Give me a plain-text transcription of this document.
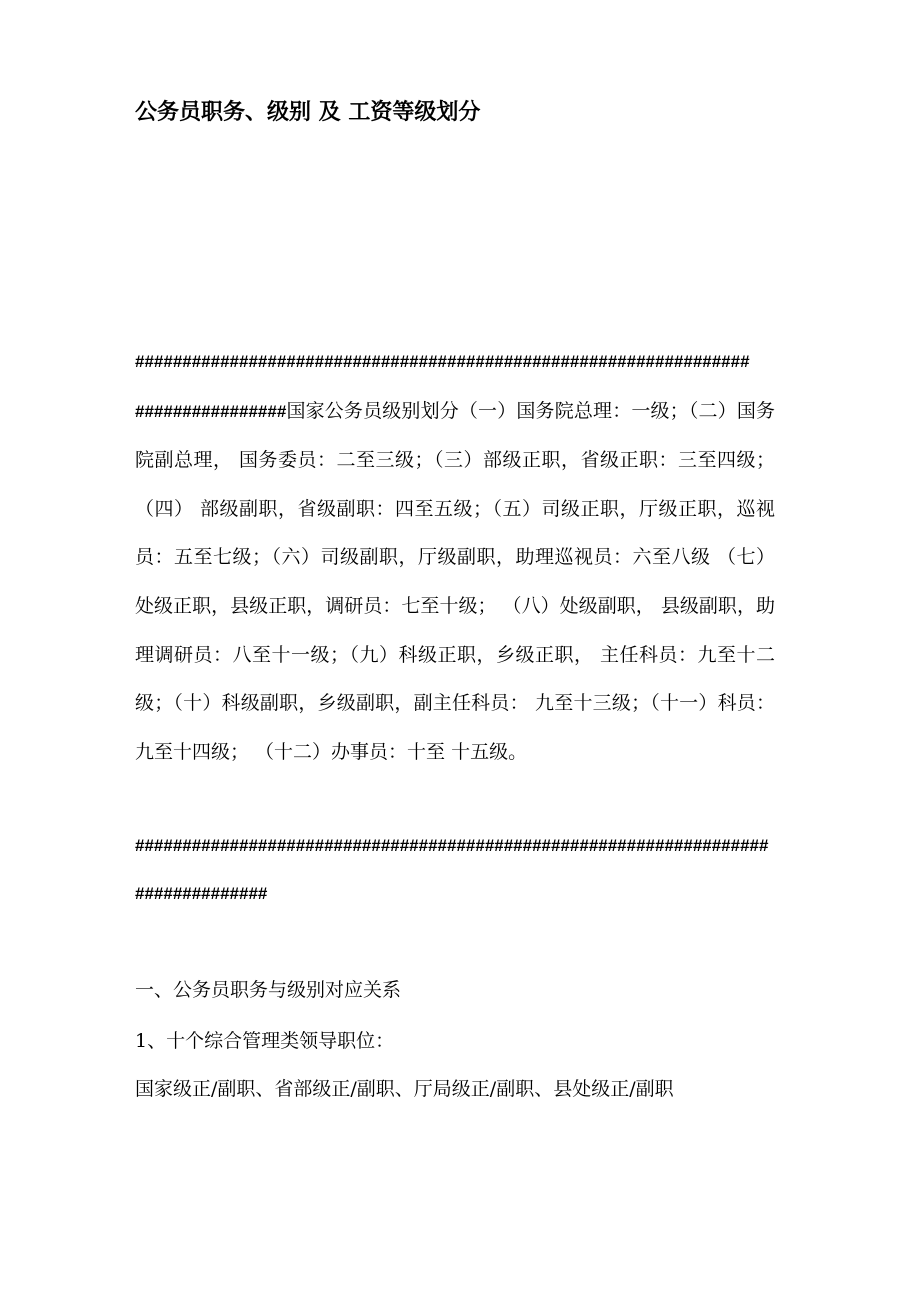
公务员职务、级别 及 工资等级划分
#################################################################
################国家公务员级别划分（一）国务院总理：一级；（二）国务院副总理， 国务委员：二至三级；（三）部级正职，省级正职：三至四级；（四） 部级副职，省级副职：四至五级；（五）司级正职，厅级正职，巡视 员：五至七级；（六）司级副职，厅级副职，助理巡视员：六至八级 （七）处级正职，县级正职，调研员：七至十级； （八）处级副职， 县级副职，助理调研员：八至十一级；（九）科级正职，乡级正职， 主任科员：九至十二级；（十）科级副职，乡级副职，副主任科员： 九至十三级；（十一）科员：九至十四级； （十二）办事员：十至 十五级。
#################################################################################

一、公务员职务与级别对应关系

1、十个综合管理类领导职位：

国家级正/副职、省部级正/副职、厅局级正/副职、县处级正/副职
